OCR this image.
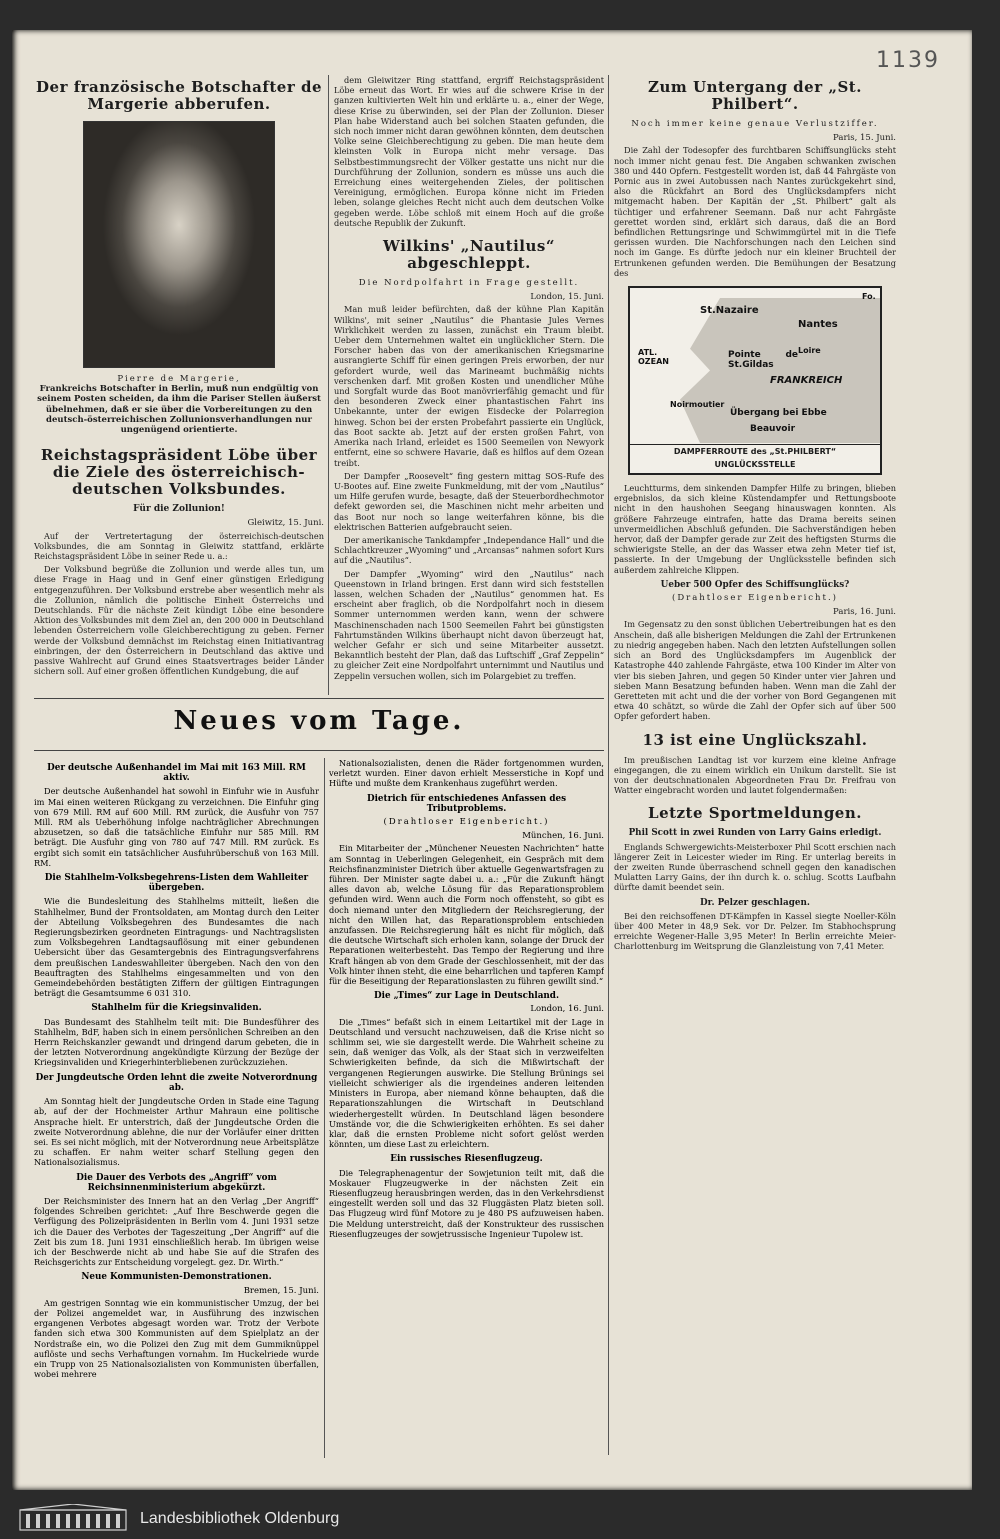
1139
Der französische Botschafter de Margerie abberufen.
Pierre de Margerie,
Frankreichs Botschafter in Berlin, muß nun endgültig von seinem Posten scheiden, da ihm die Pariser Stellen äußerst übelnehmen, daß er sie über die Vorbereitungen zu den deutsch-österreichischen Zollunionsverhandlungen nur ungenügend orientierte.
Reichstagspräsident Löbe über die Ziele des österreichisch-deutschen Volksbundes.
Für die Zollunion!
Gleiwitz, 15. Juni.

Auf der Vertretertagung der österreichisch-deutschen Volksbundes, die am Sonntag in Gleiwitz stattfand, erklärte Reichstagspräsident Löbe in seiner Rede u. a.:

Der Volksbund begrüße die Zollunion und werde alles tun, um diese Frage in Haag und in Genf einer günstigen Erledigung entgegenzuführen. Der Volksbund erstrebe aber wesentlich mehr als die Zollunion, nämlich die politische Einheit Österreichs und Deutschlands. Für die nächste Zeit kündigt Löbe eine besondere Aktion des Volksbundes mit dem Ziel an, den 200 000 in Deutschland lebenden Österreichern volle Gleichberechtigung zu geben. Ferner werde der Volksbund demnächst im Reichstag einen Initiativantrag einbringen, der den Österreichern in Deutschland das aktive und passive Wahlrecht auf Grund eines Staatsvertrages beider Länder sichern soll. Auf einer großen öffentlichen Kundgebung, die auf

dem Gleiwitzer Ring stattfand, ergriff Reichstagspräsident Löbe erneut das Wort. Er wies auf die schwere Krise in der ganzen kultivierten Welt hin und erklärte u. a., einer der Wege, diese Krise zu überwinden, sei der Plan der Zollunion. Dieser Plan habe Widerstand auch bei solchen Staaten gefunden, die sich noch immer nicht daran gewöhnen könnten, dem deutschen Volke seine Gleichberechtigung zu geben. Die man heute dem kleinsten Volk in Europa nicht mehr versage. Das Selbstbestimmungsrecht der Völker gestatte uns nicht nur die Durchführung der Zollunion, sondern es müsse uns auch die Erreichung eines weitergehenden Zieles, der politischen Vereinigung, ermöglichen. Europa könne nicht im Frieden leben, solange gleiches Recht nicht auch dem deutschen Volke gegeben werde. Löbe schloß mit einem Hoch auf die große deutsche Republik der Zukunft.

Wilkins' „Nautilus“ abgeschleppt.
Die Nordpolfahrt in Frage gestellt.
London, 15. Juni.

Man muß leider befürchten, daß der kühne Plan Kapitän Wilkins', mit seiner „Nautilus“ die Phantasie Jules Vernes Wirklichkeit werden zu lassen, zunächst ein Traum bleibt. Ueber dem Unternehmen waltet ein unglücklicher Stern. Die Forscher haben das von der amerikanischen Kriegsmarine ausrangierte Schiff für einen geringen Preis erworben, der nur gefordert wurde, weil das Marineamt buchmäßig nichts verschenken darf. Mit großen Kosten und unendlicher Mühe und Sorgfalt wurde das Boot manövrierfähig gemacht und für den besonderen Zweck einer phantastischen Fahrt ins Unbekannte, unter der ewigen Eisdecke der Polarregion hinweg. Schon bei der ersten Probefahrt passierte ein Unglück, das Boot sackte ab. Jetzt auf der ersten großen Fahrt, von Amerika nach Irland, erleidet es 1500 Seemeilen von Newyork entfernt, eine so schwere Havarie, daß es hilflos auf dem Ozean treibt.

Der Dampfer „Roosevelt“ fing gestern mittag SOS-Rufe des U-Bootes auf. Eine zweite Funkmeldung, mit der vom „Nautilus“ um Hilfe gerufen wurde, besagte, daß der Steuerbordhechmotor defekt geworden sei, die Maschinen nicht mehr arbeiten und das Boot nur noch so lange weiterfahren könne, bis die elektrischen Batterien aufgebraucht seien.

Der amerikanische Tankdampfer „Independance Hall“ und die Schlachtkreuzer „Wyoming“ und „Arcansas“ nahmen sofort Kurs auf die „Nautilus“.

Der Dampfer „Wyoming“ wird den „Nautilus“ nach Queenstown in Irland bringen. Erst dann wird sich feststellen lassen, welchen Schaden der „Nautilus“ genommen hat. Es erscheint aber fraglich, ob die Nordpolfahrt noch in diesem Sommer unternommen werden kann, wenn der schwere Maschinenschaden nach 1500 Seemeilen Fahrt bei günstigsten Fahrtumständen Wilkins überhaupt nicht davon überzeugt hat, welcher Gefahr er sich und seine Mitarbeiter aussetzt. Bekanntlich besteht der Plan, daß das Luftschiff „Graf Zeppelin“ zu gleicher Zeit eine Nordpolfahrt unternimmt und Nautilus und Zeppelin versuchen wollen, sich im Polargebiet zu treffen.

Zum Untergang der „St. Philbert“.
Noch immer keine genaue Verlustziffer.
Paris, 15. Juni.

Die Zahl der Todesopfer des furchtbaren Schiffsunglücks steht noch immer nicht genau fest. Die Angaben schwanken zwischen 380 und 440 Opfern. Festgestellt worden ist, daß 44 Fahrgäste von Pornic aus in zwei Autobussen nach Nantes zurückgekehrt sind, also die Rückfahrt an Bord des Unglücksdampfers nicht mitgemacht haben. Der Kapitän der „St. Philbert“ galt als tüchtiger und erfahrener Seemann. Daß nur acht Fahrgäste gerettet worden sind, erklärt sich daraus, daß die an Bord befindlichen Rettungsringe und Schwimmgürtel mit in die Tiefe gerissen wurden. Die Nachforschungen nach den Leichen sind noch im Gange. Es dürfte jedoch nur ein kleiner Bruchteil der Ertrunkenen gefunden werden. Die Bemühungen der Besatzung des

St.Nazaire
Nantes
Pointe de St.Gildas
Loire
FRANKREICH
ATL. OZEAN
Noirmoutier
Übergang bei Ebbe
Beauvoir
Fo.
DAMPFERROUTE des „St.PHILBERT“
UNGLÜCKSSTELLE

Leuchtturms, dem sinkenden Dampfer Hilfe zu bringen, blieben ergebnislos, da sich kleine Küstendampfer und Rettungsboote nicht in den haushohen Seegang hinauswagen konnten. Als größere Fahrzeuge eintrafen, hatte das Drama bereits seinen unvermeidlichen Abschluß gefunden. Die Sachverständigen heben hervor, daß der Dampfer gerade zur Zeit des heftigsten Sturms die schwierigste Stelle, an der das Wasser etwa zehn Meter tief ist, passierte. In der Umgebung der Unglücksstelle befinden sich außerdem zahlreiche Klippen.

Ueber 500 Opfer des Schiffsunglücks?
(Drahtloser Eigenbericht.)
Paris, 16. Juni.

Im Gegensatz zu den sonst üblichen Uebertreibungen hat es den Anschein, daß alle bisherigen Meldungen die Zahl der Ertrunkenen zu niedrig angegeben haben. Nach den letzten Aufstellungen sollen sich an Bord des Unglücksdampfers im Augenblick der Katastrophe 440 zahlende Fahrgäste, etwa 100 Kinder im Alter von vier bis sieben Jahren, und gegen 50 Kinder unter vier Jahren und sieben Mann Besatzung befunden haben. Wenn man die Zahl der Geretteten mit acht und die der vorher von Bord Gegangenen mit etwa 40 schätzt, so würde die Zahl der Opfer sich auf über 500 Opfer gefordert haben.

13 ist eine Unglückszahl.

Im preußischen Landtag ist vor kurzem eine kleine Anfrage eingegangen, die zu einem wirklich ein Unikum darstellt. Sie ist von der deutschnationalen Abgeordneten Frau Dr. Freifrau von Watter eingebracht worden und lautet folgendermaßen:

Letzte Sportmeldungen.
Phil Scott in zwei Runden von Larry Gains erledigt.

Englands Schwergewichts-Meisterboxer Phil Scott erschien nach längerer Zeit in Leicester wieder im Ring. Er unterlag bereits in der zweiten Runde überraschend schnell gegen den kanadischen Mulatten Larry Gains, der ihn durch k. o. schlug. Scotts Laufbahn dürfte damit beendet sein.

Dr. Pelzer geschlagen.

Bei den reichsoffenen DT-Kämpfen in Kassel siegte Noeller-Köln über 400 Meter in 48,9 Sek. vor Dr. Pelzer. Im Stabhochsprung erreichte Wegener-Halle 3,95 Meter! In Berlin erreichte Meier-Charlottenburg im Weitsprung die Glanzleistung von 7,41 Meter.

Neues vom Tage.
Der deutsche Außenhandel im Mai mit 163 Mill. RM aktiv.

Der deutsche Außenhandel hat sowohl in Einfuhr wie in Ausfuhr im Mai einen weiteren Rückgang zu verzeichnen. Die Einfuhr ging von 679 Mill. RM auf 600 Mill. RM zurück, die Ausfuhr von 757 Mill. RM als Ueberhöhung infolge nachträglicher Abrechnungen abzusetzen, so daß die tatsächliche Einfuhr nur 585 Mill. RM beträgt. Die Ausfuhr ging von 780 auf 747 Mill. RM zurück. Es ergibt sich somit ein tatsächlicher Ausfuhrüberschuß von 163 Mill. RM.

Die Stahlhelm-Volksbegehrens-Listen dem Wahlleiter übergeben.

Wie die Bundesleitung des Stahlhelms mitteilt, ließen die Stahlhelmer, Bund der Frontsoldaten, am Montag durch den Leiter der Abteilung Volksbegehren des Bundesamtes die nach Regierungsbezirken geordneten Eintragungs- und Nachtragslisten zum Volksbegehren Landtagsauflösung mit einer gebundenen Uebersicht über das Gesamtergebnis des Eintragungsverfahrens dem preußischen Landeswahlleiter übergeben. Nach den von den Beauftragten des Stahlhelms eingesammelten und von den Gemeindebehörden bestätigten Ziffern der gültigen Eintragungen beträgt die Gesamtsumme 6 031 310.

Stahlhelm für die Kriegsinvaliden.

Das Bundesamt des Stahlhelm teilt mit: Die Bundesführer des Stahlhelm, BdF, haben sich in einem persönlichen Schreiben an den Herrn Reichskanzler gewandt und dringend darum gebeten, die in der letzten Notverordnung angekündigte Kürzung der Bezüge der Kriegsinvaliden und Kriegerhinterbliebenen zurückzuziehen.

Der Jungdeutsche Orden lehnt die zweite Notverordnung ab.

Am Sonntag hielt der Jungdeutsche Orden in Stade eine Tagung ab, auf der der Hochmeister Arthur Mahraun eine politische Ansprache hielt. Er unterstrich, daß der Jungdeutsche Orden die zweite Notverordnung ablehne, die nur der Vorläufer einer dritten sei. Es sei nicht möglich, mit der Notverordnung neue Arbeitsplätze zu schaffen. Er nahm weiter scharf Stellung gegen den Nationalsozialismus.

Die Dauer des Verbots des „Angriff“ vom Reichsinnenministerium abgekürzt.

Der Reichsminister des Innern hat an den Verlag „Der Angriff“ folgendes Schreiben gerichtet: „Auf Ihre Beschwerde gegen die Verfügung des Polizeipräsidenten in Berlin vom 4. Juni 1931 setze ich die Dauer des Verbotes der Tageszeitung „Der Angriff“ auf die Zeit bis zum 18. Juni 1931 einschließlich herab. Im übrigen weise ich der Beschwerde nicht ab und habe Sie auf die Strafen des Reichsgerichts zur Entscheidung vorgelegt. gez. Dr. Wirth.“

Neue Kommunisten-Demonstrationen.
Bremen, 15. Juni.

Am gestrigen Sonntag wie ein kommunistischer Umzug, der bei der Polizei angemeldet war, in Ausführung des inzwischen ergangenen Verbotes abgesagt worden war. Trotz der Verbote fanden sich etwa 300 Kommunisten auf dem Spielplatz an der Nordstraße ein, wo die Polizei den Zug mit dem Gummiknüppel auflöste und sechs Verhaftungen vornahm. Im Huckelriede wurde ein Trupp von 25 Nationalsozialisten von Kommunisten überfallen, wobei mehrere

Nationalsozialisten, denen die Räder fortgenommen wurden, verletzt wurden. Einer davon erhielt Messerstiche in Kopf und Hüfte und mußte dem Krankenhaus zugeführt werden.

Dietrich für entschiedenes Anfassen des Tributproblems.
(Drahtloser Eigenbericht.)
München, 16. Juni.

Ein Mitarbeiter der „Münchener Neuesten Nachrichten“ hatte am Sonntag in Ueberlingen Gelegenheit, ein Gespräch mit dem Reichsfinanzminister Dietrich über aktuelle Gegenwartsfragen zu führen. Der Minister sagte dabei u. a.: „Für die Zukunft hängt alles davon ab, welche Lösung für das Reparationsproblem gefunden wird. Wenn auch die Form noch offensteht, so gibt es doch niemand unter den Mitgliedern der Reichsregierung, der nicht den Willen hat, das Reparationsproblem entschieden anzufassen. Die Reichsregierung hält es nicht für möglich, daß die deutsche Wirtschaft sich erholen kann, solange der Druck der Reparationen weiterbesteht. Das Tempo der Regierung und ihre Kraft hängen ab von dem Grade der Geschlossenheit, mit der das Volk hinter ihnen steht, die eine beharrlichen und tapferen Kampf für die Beseitigung der Reparationslasten zu führen gewillt sind.“

Die „Times“ zur Lage in Deutschland.
London, 16. Juni.

Die „Times“ befaßt sich in einem Leitartikel mit der Lage in Deutschland und versucht nachzuweisen, daß die Krise nicht so schlimm sei, wie sie dargestellt werde. Die Wahrheit scheine zu sein, daß weniger das Volk, als der Staat sich in verzweifelten Schwierigkeiten befinde, da sich die Mißwirtschaft der vergangenen Regierungen auswirke. Die Stellung Brünings sei vielleicht schwieriger als die irgendeines anderen leitenden Ministers in Europa, aber niemand könne behaupten, daß die Reparationszahlungen die Wirtschaft in Deutschland wiederhergestellt würden. In Deutschland lägen besondere Umstände vor, die die Schwierigkeiten erhöhten. Es sei daher klar, daß die ernsten Probleme nicht sofort gelöst werden könnten, um diese Last zu erleichtern.

Ein russisches Riesenflugzeug.

Die Telegraphenagentur der Sowjetunion teilt mit, daß die Moskauer Flugzeugwerke in der nächsten Zeit ein Riesenflugzeug herausbringen werden, das in den Verkehrsdienst eingestellt werden soll und das 32 Fluggästen Platz bieten soll. Das Flugzeug wird fünf Motore zu je 480 PS aufzuweisen haben. Die Meldung unterstreicht, daß der Konstrukteur des russischen Riesenflugzeuges der sowjetrussische Ingenieur Tupolew ist.

Landesbibliothek Oldenburg
